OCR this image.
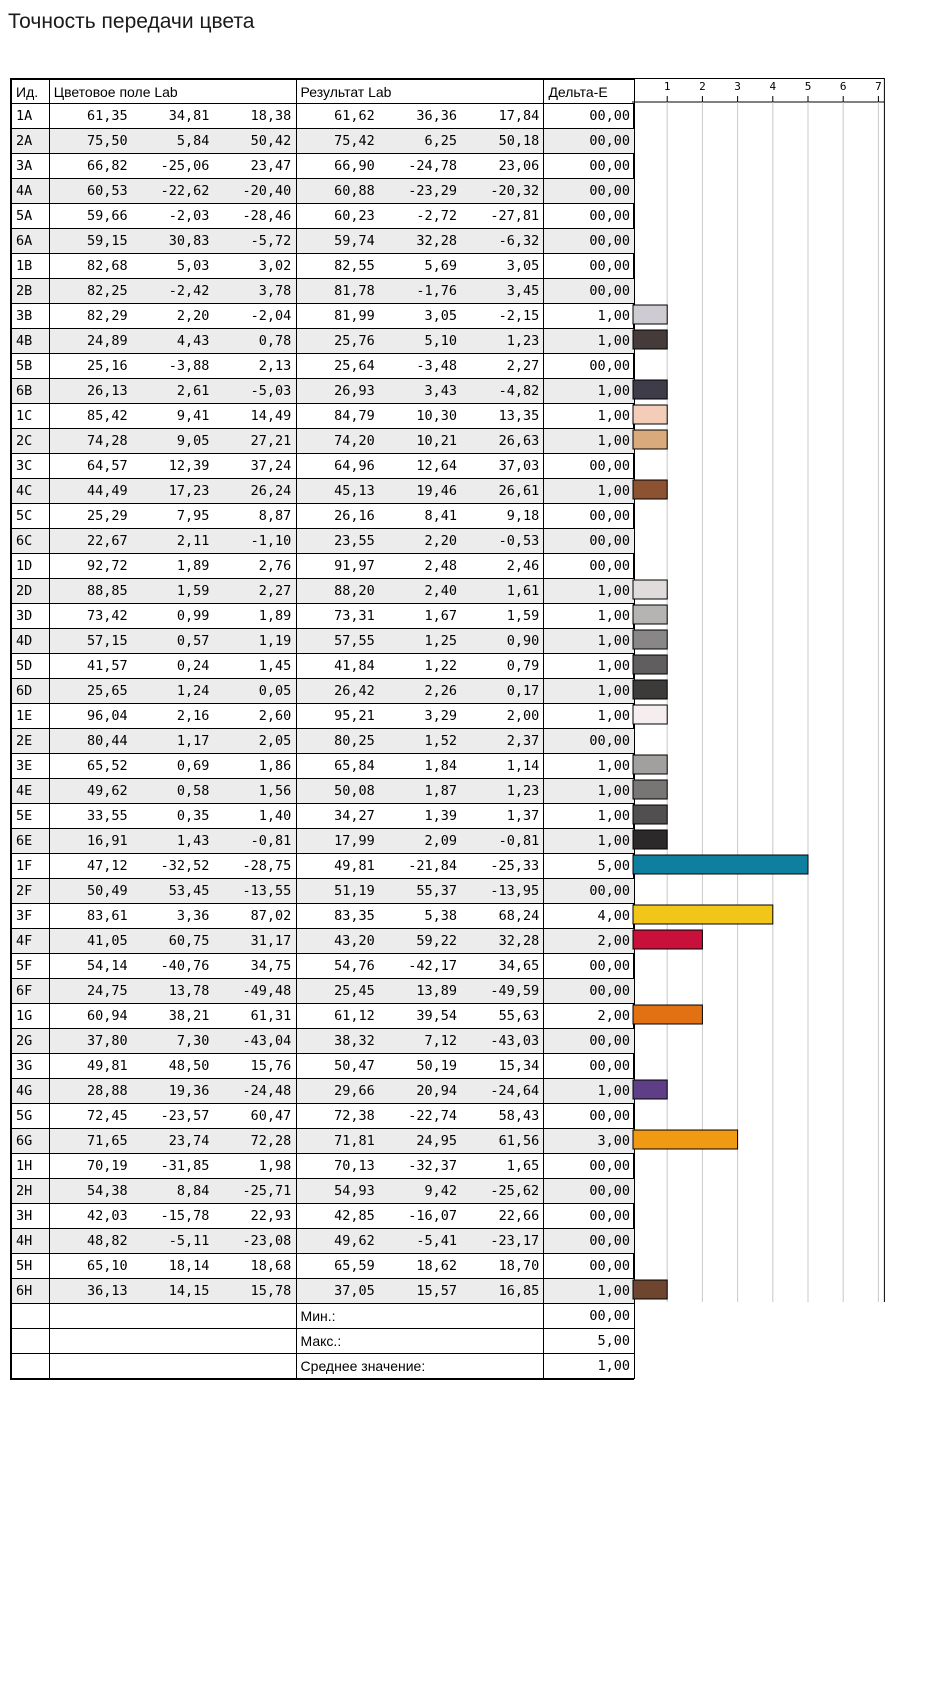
Точность передачи цвета
Ид.	Цветовое поле Lab	Результат Lab	Дельта-E
1A	61,35 34,81 18,38	61,62 36,36 17,84	00,00
2A	75,50 5,84 50,42	75,42 6,25 50,18	00,00
3A	66,82 -25,06 23,47	66,90 -24,78 23,06	00,00
4A	60,53 -22,62 -20,40	60,88 -23,29 -20,32	00,00
5A	59,66 -2,03 -28,46	60,23 -2,72 -27,81	00,00
6A	59,15 30,83 -5,72	59,74 32,28 -6,32	00,00
1B	82,68 5,03 3,02	82,55 5,69 3,05	00,00
2B	82,25 -2,42 3,78	81,78 -1,76 3,45	00,00
3B	82,29 2,20 -2,04	81,99 3,05 -2,15	1,00
4B	24,89 4,43 0,78	25,76 5,10 1,23	1,00
5B	25,16 -3,88 2,13	25,64 -3,48 2,27	00,00
6B	26,13 2,61 -5,03	26,93 3,43 -4,82	1,00
1C	85,42 9,41 14,49	84,79 10,30 13,35	1,00
2C	74,28 9,05 27,21	74,20 10,21 26,63	1,00
3C	64,57 12,39 37,24	64,96 12,64 37,03	00,00
4C	44,49 17,23 26,24	45,13 19,46 26,61	1,00
5C	25,29 7,95 8,87	26,16 8,41 9,18	00,00
6C	22,67 2,11 -1,10	23,55 2,20 -0,53	00,00
1D	92,72 1,89 2,76	91,97 2,48 2,46	00,00
2D	88,85 1,59 2,27	88,20 2,40 1,61	1,00
3D	73,42 0,99 1,89	73,31 1,67 1,59	1,00
4D	57,15 0,57 1,19	57,55 1,25 0,90	1,00
5D	41,57 0,24 1,45	41,84 1,22 0,79	1,00
6D	25,65 1,24 0,05	26,42 2,26 0,17	1,00
1E	96,04 2,16 2,60	95,21 3,29 2,00	1,00
2E	80,44 1,17 2,05	80,25 1,52 2,37	00,00
3E	65,52 0,69 1,86	65,84 1,84 1,14	1,00
4E	49,62 0,58 1,56	50,08 1,87 1,23	1,00
5E	33,55 0,35 1,40	34,27 1,39 1,37	1,00
6E	16,91 1,43 -0,81	17,99 2,09 -0,81	1,00
1F	47,12 -32,52 -28,75	49,81 -21,84 -25,33	5,00
2F	50,49 53,45 -13,55	51,19 55,37 -13,95	00,00
3F	83,61 3,36 87,02	83,35 5,38 68,24	4,00
4F	41,05 60,75 31,17	43,20 59,22 32,28	2,00
5F	54,14 -40,76 34,75	54,76 -42,17 34,65	00,00
6F	24,75 13,78 -49,48	25,45 13,89 -49,59	00,00
1G	60,94 38,21 61,31	61,12 39,54 55,63	2,00
2G	37,80 7,30 -43,04	38,32 7,12 -43,03	00,00
3G	49,81 48,50 15,76	50,47 50,19 15,34	00,00
4G	28,88 19,36 -24,48	29,66 20,94 -24,64	1,00
5G	72,45 -23,57 60,47	72,38 -22,74 58,43	00,00
6G	71,65 23,74 72,28	71,81 24,95 61,56	3,00
1H	70,19 -31,85 1,98	70,13 -32,37 1,65	00,00
2H	54,38 8,84 -25,71	54,93 9,42 -25,62	00,00
3H	42,03 -15,78 22,93	42,85 -16,07 22,66	00,00
4H	48,82 -5,11 -23,08	49,62 -5,41 -23,17	00,00
5H	65,10 18,14 18,68	65,59 18,62 18,70	00,00
6H	36,13 14,15 15,78	37,05 15,57 16,85	1,00
		Мин.:	00,00
		Макс.:	5,00
		Среднее значение:	1,00
1	2	3	4	5	6	7
